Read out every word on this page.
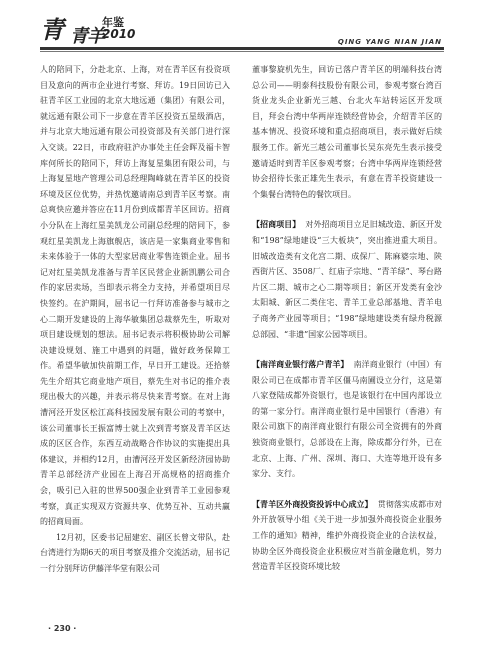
青 青羊
年鉴
2010
QING YANG NIAN JIAN

人的陪同下，分赴北京、上海，对在青羊区有投资项目及意向的两市企业进行考察、拜访。19日回访已入驻青羊区工业园的北京大地远通（集团）有限公司，就远通有限公司下一步意在青羊区投资五星级酒店，并与北京大地远通有限公司投资部及有关部门进行深入交谈。22日，市政府驻沪办事处主任会晖及福卡智库何所长的陪同下，拜访上海复星集团有限公司，与上海复星地产管理公司总经理陶峰就在青羊区的投资环境及区位优势，并热忱邀请南总到青羊区考察。南总爽快应邀并答应在11月份到成都青羊区回访。招商小分队在上海红星美凯龙公司副总经理的陪同下，参观红星美凯龙上海旗舰店，该店是一家集商业零售和未来体验于一体的大型家居商业零售连锁企业。屈书记对红星美凯龙准备与青羊区民营企业新凯鹏公司合作的家居卖场，当即表示将全力支持，并希望项目尽快签约。在沪期间，屈书记一行拜访准备参与城市之心二期开发建设的上海华敏集团总裁蔡先生，听取对项目建设规划的想法。屈书记表示将积极协助公司解决建设规划、施工中遇到的问题，做好政务保障工作。希望华敏加快前期工作，早日开工建设。还拾蔡先生介绍其它商业地产项目，蔡先生对书记的推介表现出极大的兴趣，并表示将尽快来青考察。在对上海漕河泾开发区松江高科技园发展有限公司的考察中，该公司董事长王振富博士就上次到青考察及青羊区达成的区区合作，东西互动战略合作协议的实施提出具体建议，并相约12月，由漕河泾开发区新经济园协助青羊总部经济产业园在上海召开高规格的招商推介会，吸引已入驻的世界500强企业到青羊工业园参观考察，真正实现双方资源共享、优势互补、互动共赢的招商局面。

12月初，区委书记屈建宏、副区长曾文带队，赴台湾进行为期6天的项目考察及推介交流活动，屈书记一行分别拜访伊藤洋华堂有限公司

董事黎旋机先生，回访已落户青羊区的明端科技台湾总公司——明泰科技股份有限公司，参观考察台湾百货业龙头企业新光三越、台北火车站转运区开发项目，拜会台湾中华两岸连锁经营协会，介绍青羊区的基本情况、投资环境和重点招商项目，表示做好后续服务工作。新光三越公司董事长吴东亮先生表示接受邀请适时到青羊区参观考察；台湾中华两岸连锁经营协会招待长张正雄先生表示，有意在青羊投资建设一个集餐台湾特色的餐饮项目。

【招商项目】 对外招商项目立足旧城改造、新区开发和“198”绿地建设“三大板块”，突出推进重大项目。旧城改造类有文化宫二期、成保厂、陈麻婆宗地、陕西街片区、3508厂、红庙子宗地、“青羊绿”、琴台路片区二期、城市之心二期等项目；新区开发类有金沙太阳城、新区二类住宅、青羊工业总部基地、青羊电子商务产业园等项目；“198”绿地建设类有绿舟税源总部园、“非遗”国家公园等项目。

【南洋商业银行落户青羊】 南洋商业银行（中国）有限公司已在成都市青羊区僵马南圃设立分行，这是第八家登陆成都外资银行，也是该银行在中国内部设立的第一家分行。南洋商业银行是中国银行（香港）有限公司旗下的南洋商业银行有限公司全资拥有的外商独资商业银行，总部设在上海，除成都分行外，已在北京、上海、广州、深圳、海口、大连等地开设有多家分、支行。

【青羊区外商投资投诉中心成立】 贯彻落实成都市对外开放领导小组《关于进一步加强外商投资企业服务工作的通知》精神，维护外商投资企业的合法权益，协助全区外商投资企业积极应对当前金融危机，努力营造青羊区投资环境比较

· 230 ·
